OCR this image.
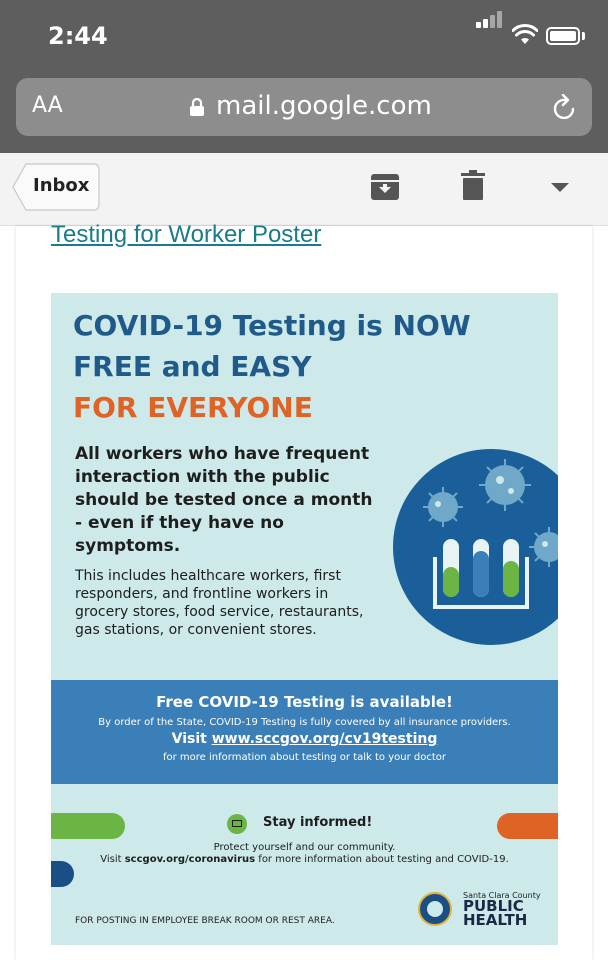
2:44
AA	mail.google.com
Inbox
Testing for Worker Poster
COVID-19 Testing is NOW
FREE and EASY
FOR EVERYONE
All workers who have frequent interaction with the public should be tested once a month - even if they have no symptoms.
This includes healthcare workers, first responders, and frontline workers in grocery stores, food service, restaurants, gas stations, or convenient stores.
Free COVID-19 Testing is available!
By order of the State, COVID-19 Testing is fully covered by all insurance providers.
Visit www.sccgov.org/cv19testing
for more information about testing or talk to your doctor
Stay informed!
Protect yourself and our community.
Visit sccgov.org/coronavirus for more information about testing and COVID-19.
FOR POSTING IN EMPLOYEE BREAK ROOM OR REST AREA.
Santa Clara County
PUBLIC
HEALTH
